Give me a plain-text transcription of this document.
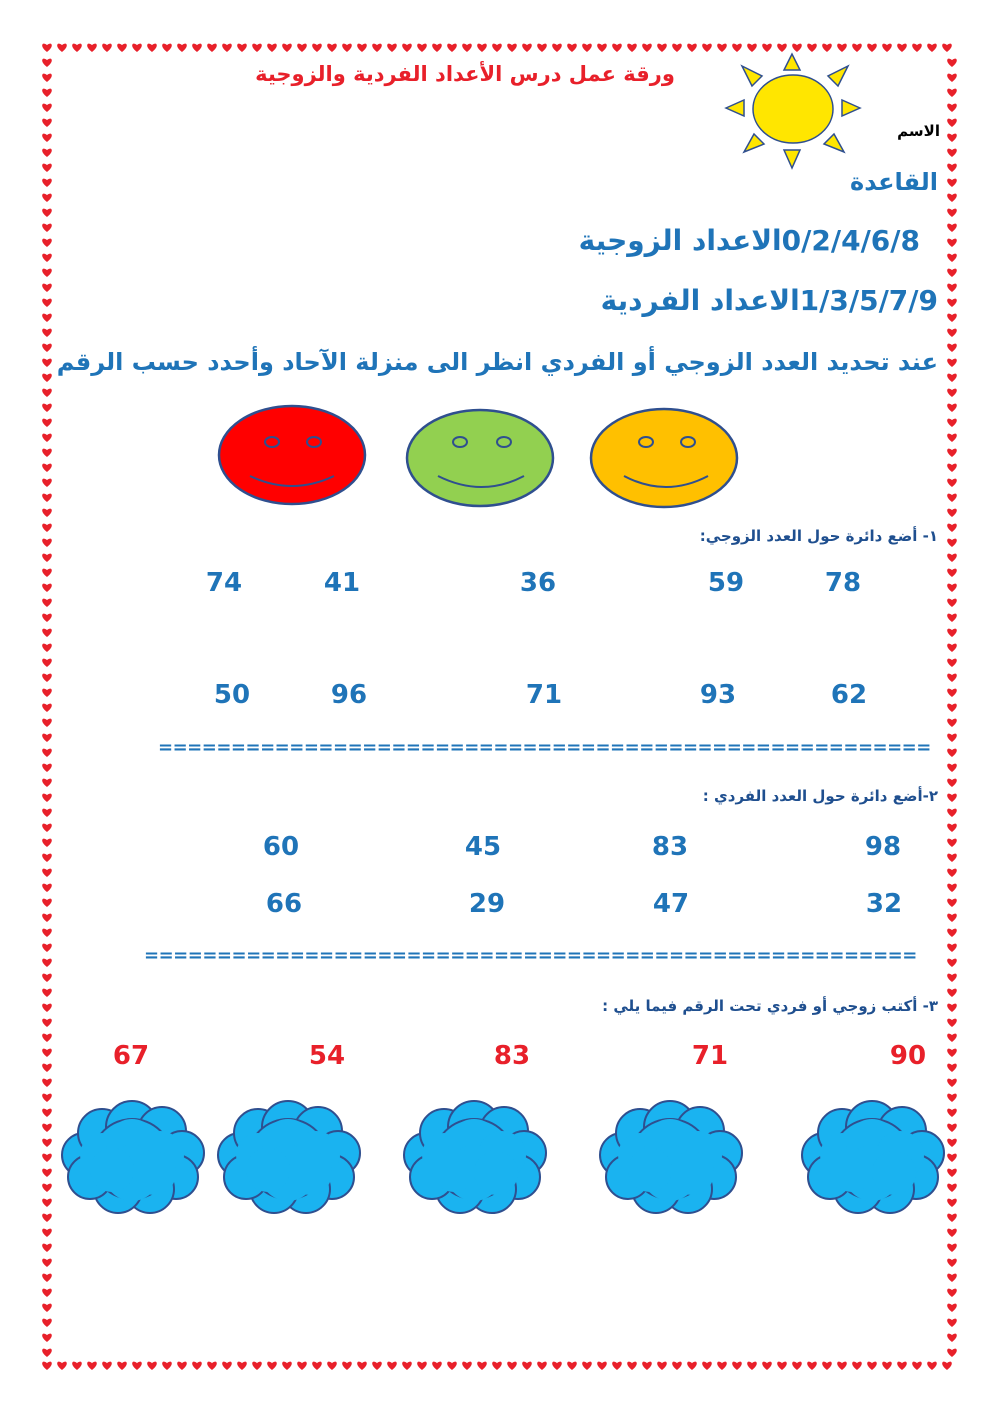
ورقة عمل درس الأعداد الفردية والزوجية
الاسم
القاعدة
0/2/4/6/8الاعداد الزوجية
1/3/5/7/9الاعداد الفردية
عند تحديد العدد الزوجي أو الفردي انظر الى منزلة الآحاد وأحدد حسب الرقم
١- أضع دائرة حول العدد الزوجي:
78
59
36
41
74
62
93
71
96
50
=====================================================
٢-أضع دائرة حول العدد الفردي :
98
83
45
60
32
47
29
66
=====================================================
٣- أكتب زوجي أو فردي تحت الرقم فيما يلي :
90
71
83
54
67
